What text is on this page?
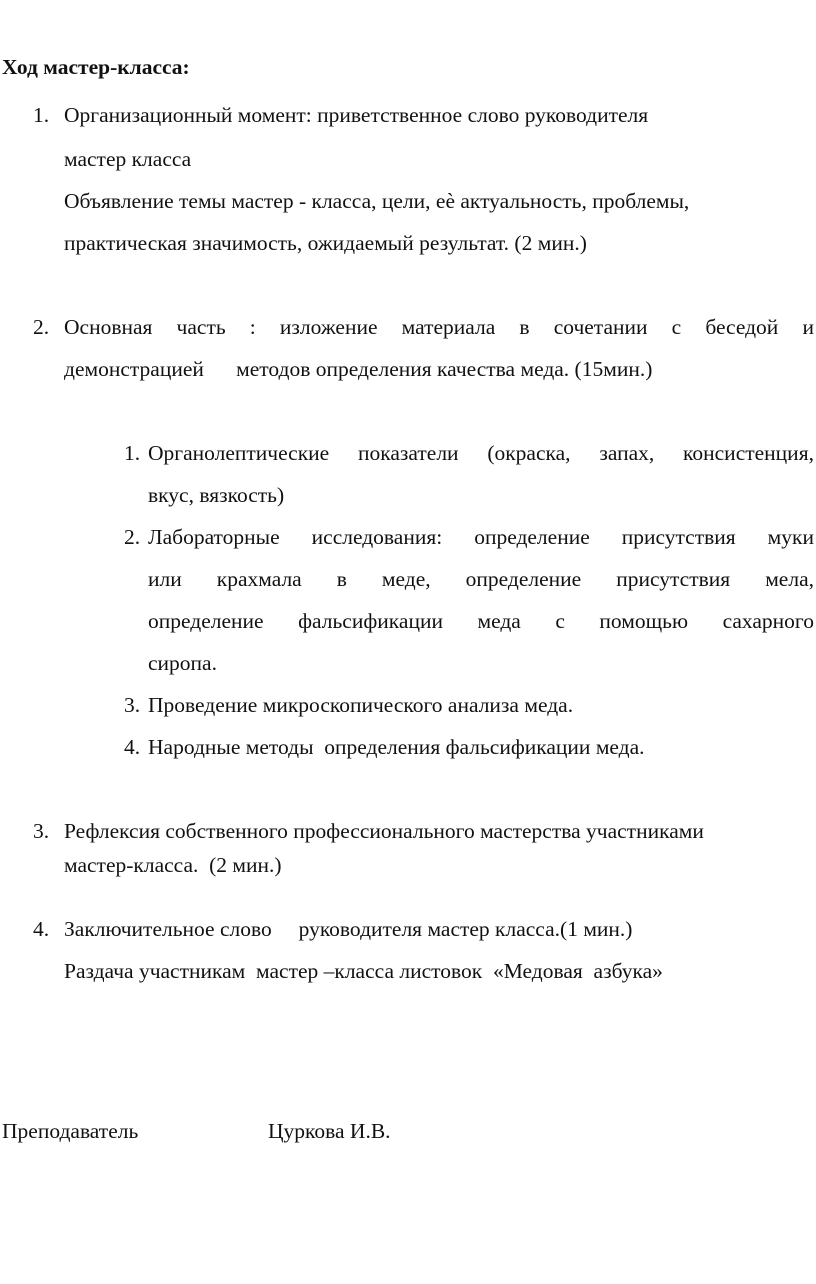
Ход мастер-класса:
1. Организационный момент: приветственное слово руководителя
мастер класса
Объявление темы мастер - класса, цели, еѐ актуальность, проблемы,
практическая значимость, ожидаемый результат. (2 мин.)
2. Основная часть : изложение материала в сочетании с беседой и
демонстрацией      методов определения качества меда. (15мин.)
1. Органолептические показатели (окраска, запах, консистенция,
вкус, вязкость)
2. Лабораторные исследования: определение присутствия муки
или крахмала в меде, определение присутствия мела,
определение фальсификации меда с помощью сахарного
сиропа.
3. Проведение микроскопического анализа меда.
4. Народные методы  определения фальсификации меда.
3. Рефлексия собственного профессионального мастерства участниками
мастер-класса.  (2 мин.)
4. Заключительное слово     руководителя мастер класса.(1 мин.)
Раздача участникам  мастер –класса листовок  «Медовая  азбука»
Преподаватель	Цуркова И.В.
